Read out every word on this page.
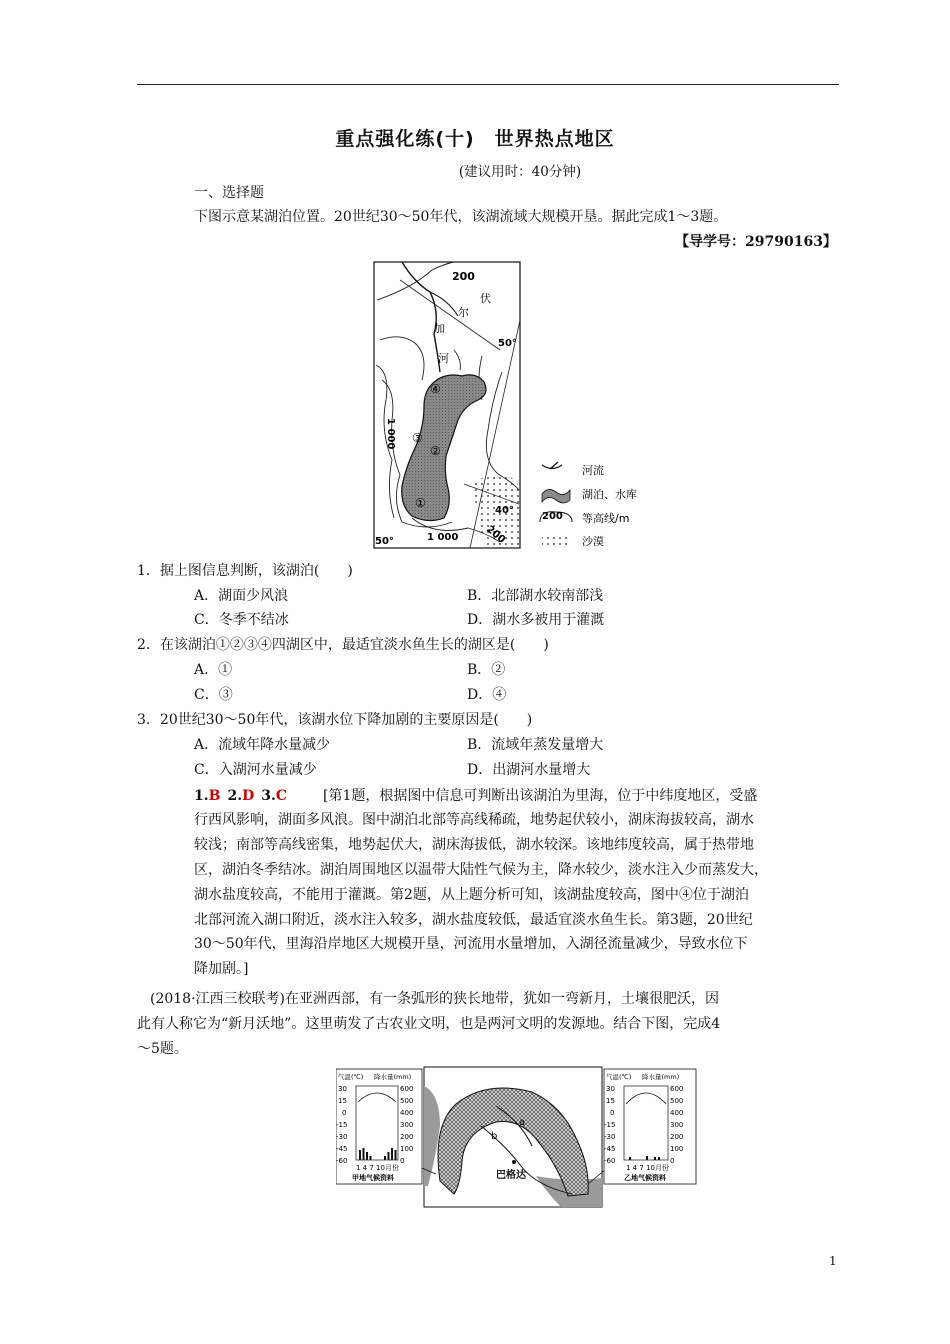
重点强化练(十)　世界热点地区
(建议用时：40分钟)
一、选择题
下图示意某湖泊位置。20世纪30～50年代，该湖流域大规模开垦。据此完成1～3题。
【导学号：29790163】
200
伏
尔
加
河
50°
1 000
④
③
②
①
40°
200
50°	1 000
河流
湖泊、水库
200 等高线/m
沙漠
1．据上图信息判断，该湖泊(　　)
A．湖面少风浪	B．北部湖水较南部浅
C．冬季不结冰	D．湖水多被用于灌溉
2．在该湖泊①②③④四湖区中，最适宜淡水鱼生长的湖区是(　　)
A．①	B．②
C．③	D．④
3．20世纪30～50年代，该湖水位下降加剧的主要原因是(　　)
A．流域年降水量减少	B．流域年蒸发量增大
C．入湖河水量减少	D．出湖河水量增大
1.B  2.D  3.C	[第1题，根据图中信息可判断出该湖泊为里海，位于中纬度地区，受盛
行西风影响，湖面多风浪。图中湖泊北部等高线稀疏，地势起伏较小，湖床海拔较高，湖水
较浅；南部等高线密集，地势起伏大，湖床海拔低，湖水较深。该地纬度较高，属于热带地
区，湖泊冬季结冰。湖泊周围地区以温带大陆性气候为主，降水较少，淡水注入少而蒸发大，
湖水盐度较高，不能用于灌溉。第2题，从上题分析可知，该湖盐度较高，图中④位于湖泊
北部河流入湖口附近，淡水注入较多，湖水盐度较低，最适宜淡水鱼生长。第3题，20世纪
30～50年代，里海沿岸地区大规模开垦，河流用水量增加，入湖径流量减少，导致水位下
降加剧。]
(2018·江西三校联考)在亚洲西部，有一条弧形的狭长地带，犹如一弯新月，土壤很肥沃，因
此有人称它为“新月沃地”。这里萌发了古农业文明，也是两河文明的发源地。结合下图，完成4
～5题。
a
b
巴格达
气温(℃) 降水量(mm)
30
15
0
-15
-30
-45
-60
600
500
400
300
200
100
0
1 4 7 10月份
甲地气候资料
气温(℃) 降水量(mm)
30
15
0
-15
-30
-45
-60
600
500
400
300
200
100
0
1 4 7 10月份
乙地气候资料
1
